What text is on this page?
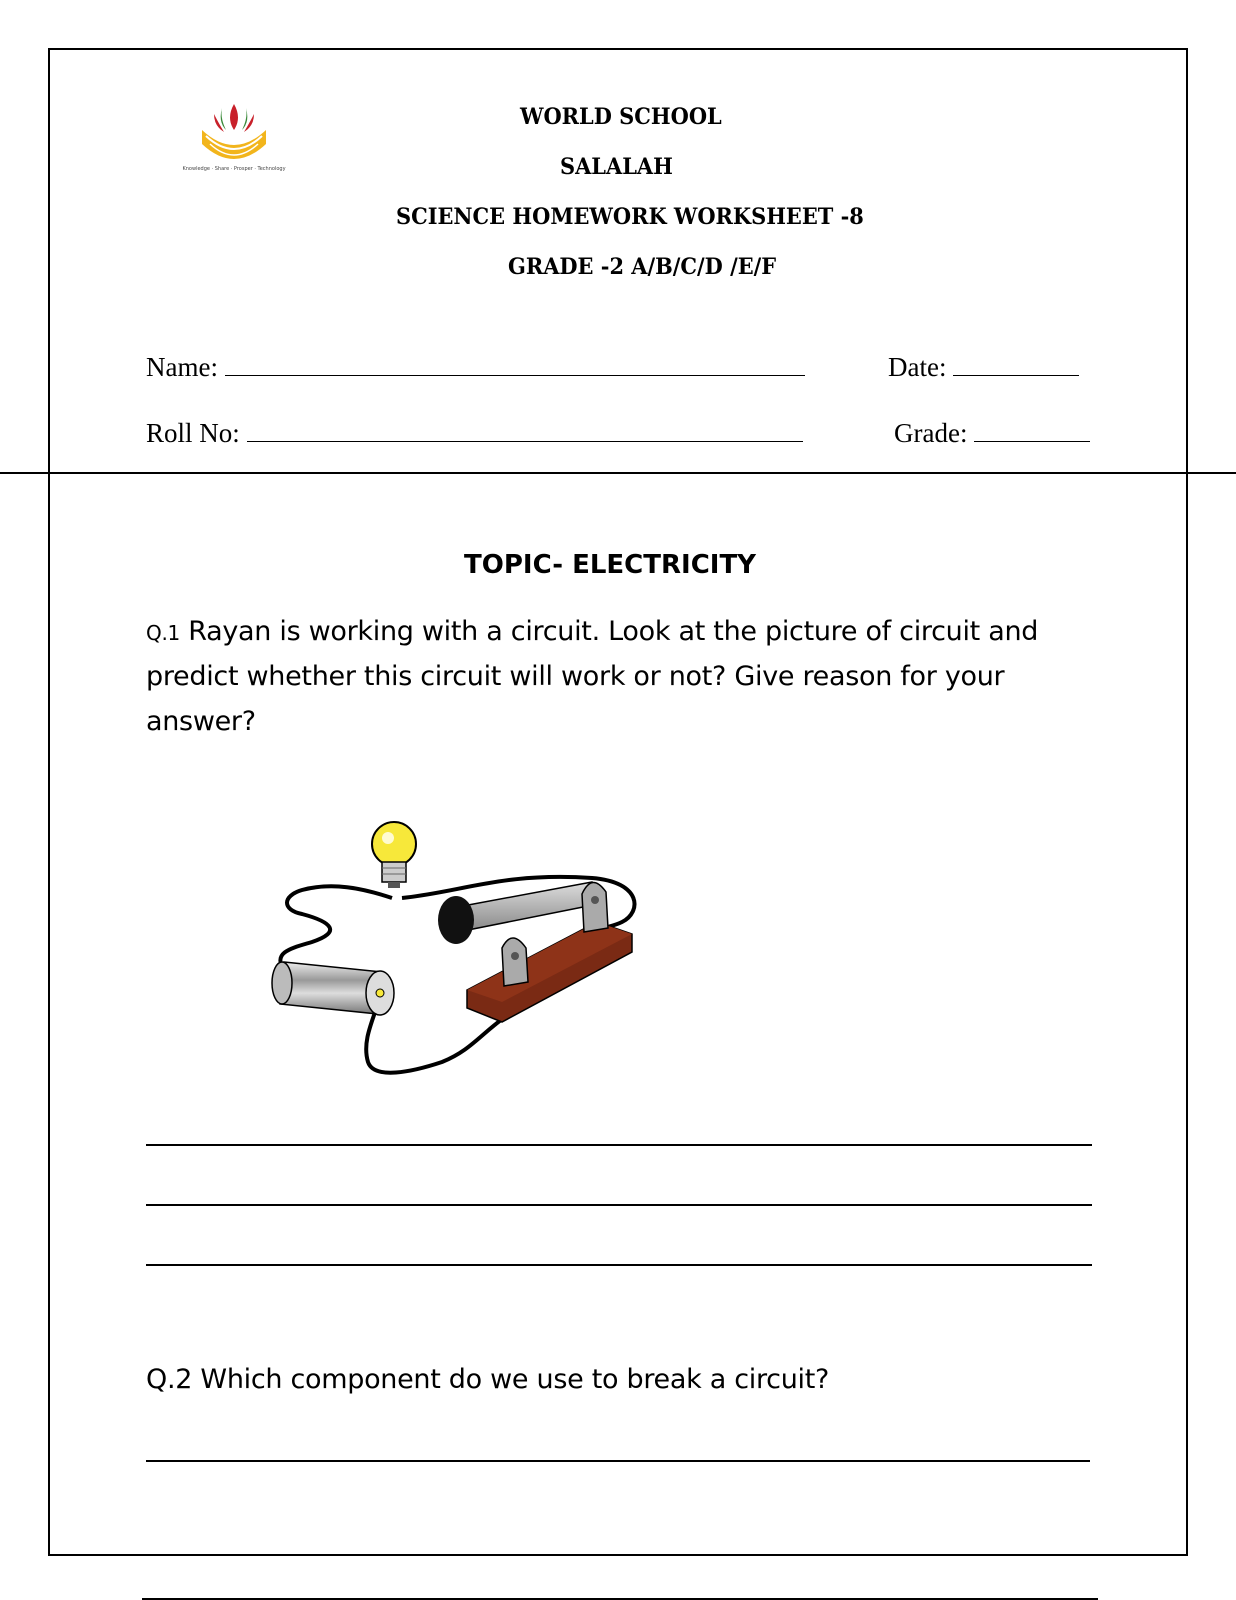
Knowledge · Share · Prosper · Technology
WORLD SCHOOL
SALALAH
SCIENCE HOMEWORK WORKSHEET -8
GRADE -2 A/B/C/D /E/F
Name:	Date:
Roll No:	Grade:
TOPIC- ELECTRICITY
Q.1 Rayan is working with a circuit. Look at the picture of circuit and
predict whether this circuit will work or not? Give reason for your
answer?
Q.2 Which component do we use to break a circuit?
